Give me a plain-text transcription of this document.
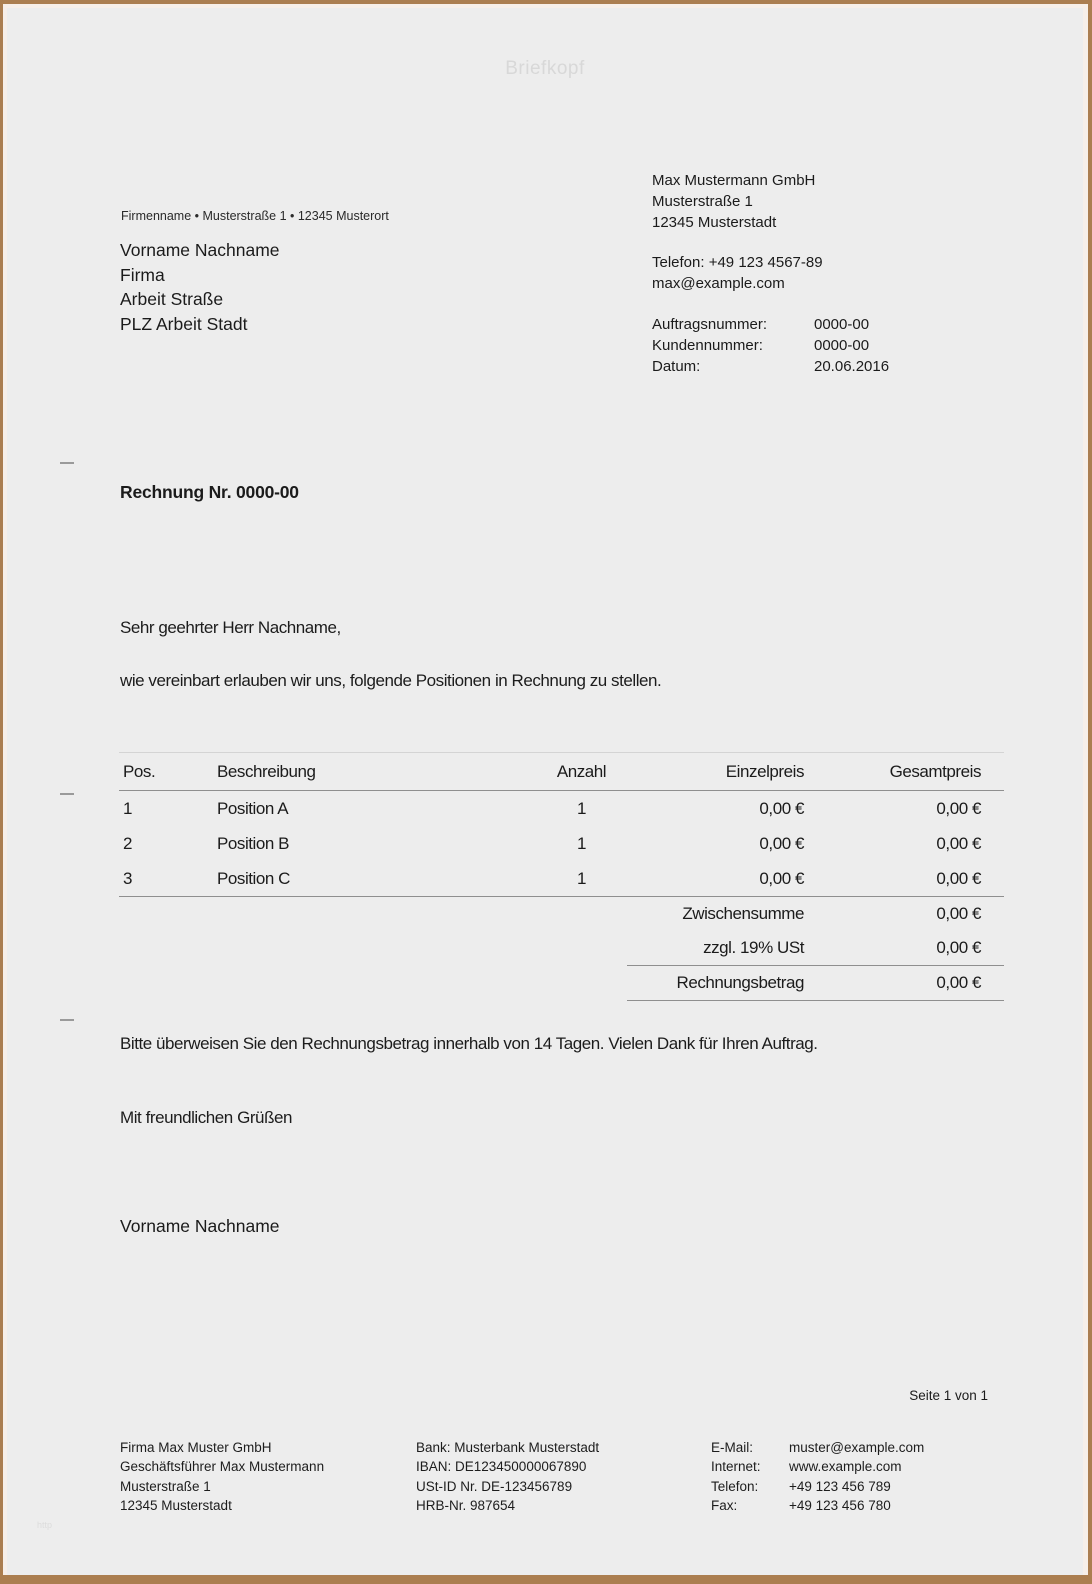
Briefkopf
Firmenname • Musterstraße 1 • 12345 Musterort
Vorname Nachname
Firma
Arbeit Straße
PLZ Arbeit Stadt
Max Mustermann GmbH
Musterstraße 1
12345 Musterstadt
Telefon: +49 123 4567-89
max@example.com
Auftragsnummer:	0000-00
Kundennummer:	0000-00
Datum:	20.06.2016
Rechnung Nr. 0000-00
Sehr geehrter Herr Nachname,
wie vereinbart erlauben wir uns, folgende Positionen in Rechnung zu stellen.
Pos.	Beschreibung	Anzahl	Einzelpreis	Gesamtpreis
1	Position A	1	0,00 €	0,00 €
2	Position B	1	0,00 €	0,00 €
3	Position C	1	0,00 €	0,00 €
Zwischensumme	0,00 €
zzgl. 19% USt	0,00 €
Rechnungsbetrag	0,00 €
Bitte überweisen Sie den Rechnungsbetrag innerhalb von 14 Tagen. Vielen Dank für Ihren Auftrag.
Mit freundlichen Grüßen
Vorname Nachname
Seite 1 von 1
Firma Max Muster GmbH
Geschäftsführer Max Mustermann
Musterstraße 1
12345 Musterstadt
Bank: Musterbank Musterstadt
IBAN: DE123450000067890
USt-ID Nr. DE-123456789
HRB-Nr. 987654
E-Mail:	muster@example.com
Internet:	www.example.com
Telefon:	+49 123 456 789
Fax:	+49 123 456 780
http
